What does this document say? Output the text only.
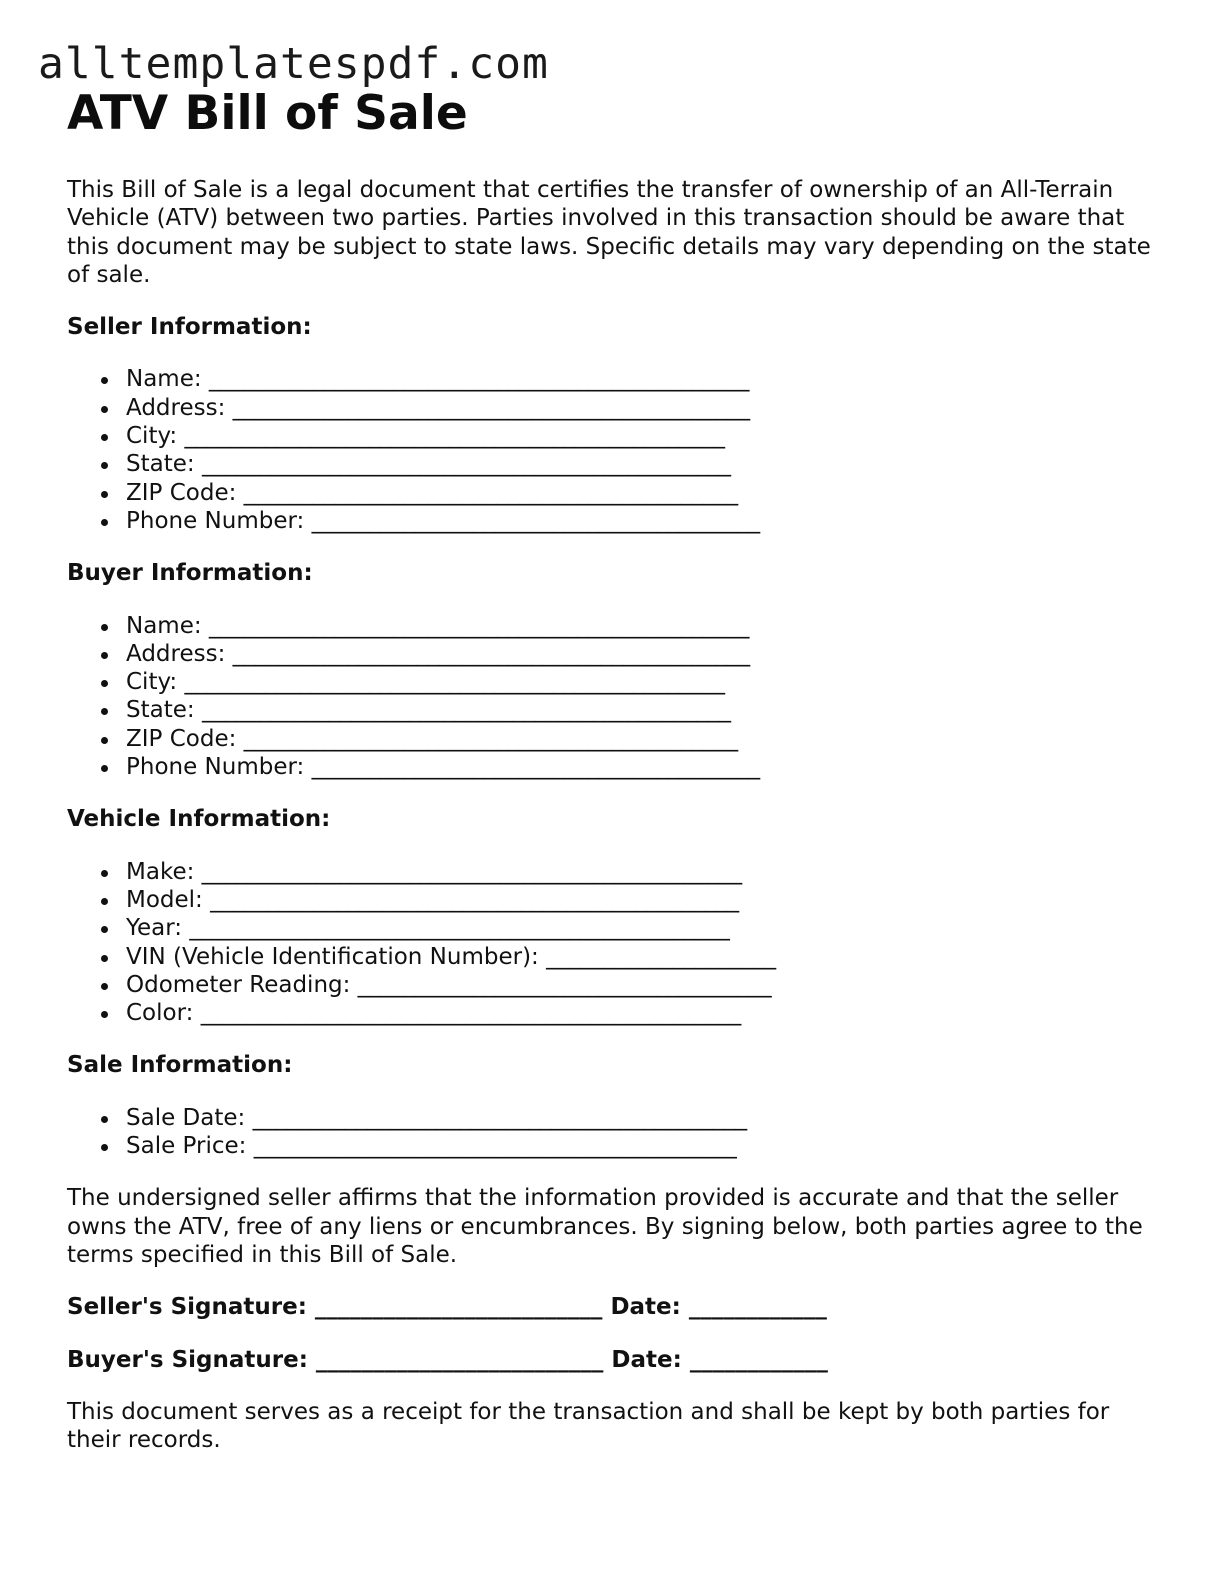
alltemplatespdf.com
ATV Bill of Sale

This Bill of Sale is a legal document that certifies the transfer of ownership of an All-Terrain Vehicle (ATV) between two parties. Parties involved in this transaction should be aware that this document may be subject to state laws. Specific details may vary depending on the state of sale.

Seller Information:

Name: _______________________________________________
Address: _____________________________________________
City: _______________________________________________
State: ______________________________________________
ZIP Code: ___________________________________________
Phone Number: _______________________________________

Buyer Information:

Name: _______________________________________________
Address: _____________________________________________
City: _______________________________________________
State: ______________________________________________
ZIP Code: ___________________________________________
Phone Number: _______________________________________

Vehicle Information:

Make: _______________________________________________
Model: ______________________________________________
Year: _______________________________________________
VIN (Vehicle Identification Number): ____________________
Odometer Reading: ____________________________________
Color: _______________________________________________

Sale Information:

Sale Date: ___________________________________________
Sale Price: __________________________________________

The undersigned seller affirms that the information provided is accurate and that the seller owns the ATV, free of any liens or encumbrances. By signing below, both parties agree to the terms specified in this Bill of Sale.

Seller's Signature: _________________________ Date: ____________

Buyer's Signature: _________________________ Date: ____________

This document serves as a receipt for the transaction and shall be kept by both parties for their records.
